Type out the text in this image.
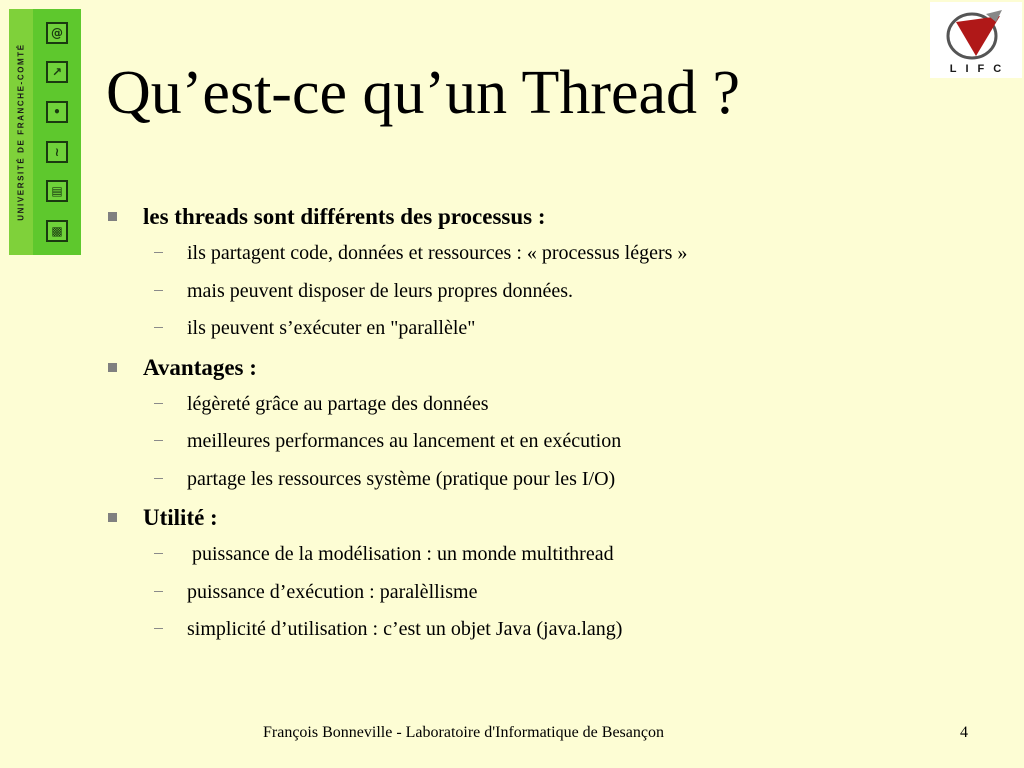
UNIVERSITÉ DE FRANCHE-COMTÉ
@
↗
•
≀
▤
▩
LIFC
Qu’est-ce qu’un Thread ?
les threads sont différents des processus :
ils partagent code, données et ressources : « processus légers »
mais peuvent disposer de leurs propres données.
ils peuvent s’exécuter en "parallèle"
Avantages :
légèreté grâce au partage des données
meilleures performances au lancement et en exécution
partage les ressources système (pratique pour les I/O)
Utilité :
puissance de la modélisation : un monde multithread
puissance d’exécution : paralèllisme
simplicité d’utilisation : c’est un objet Java (java.lang)
François Bonneville - Laboratoire d'Informatique de Besançon	4
